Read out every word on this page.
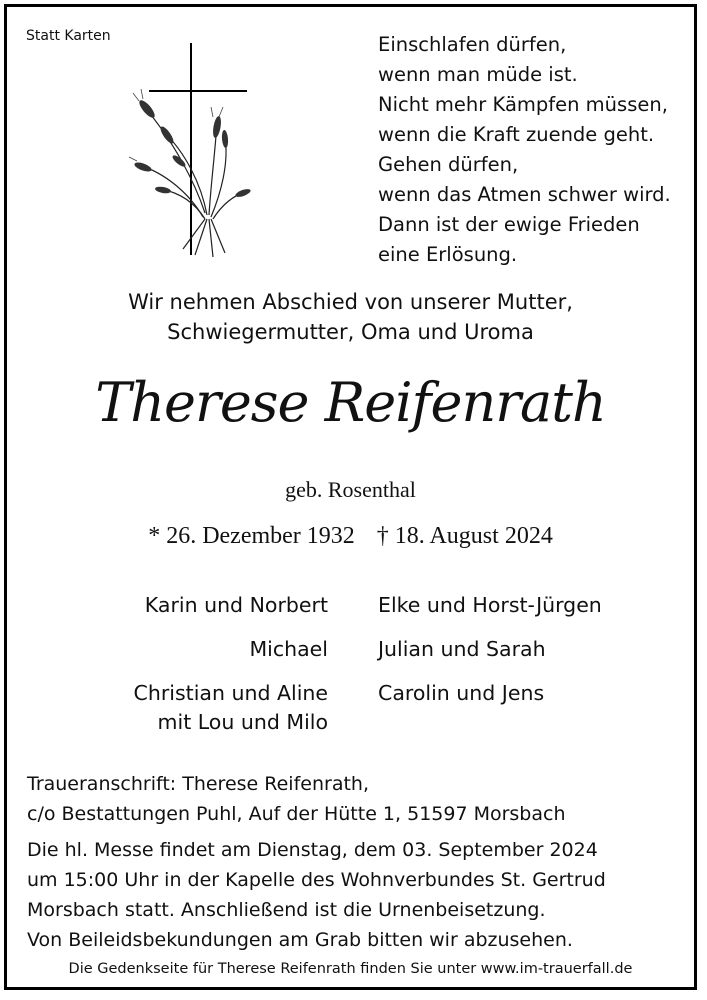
Statt Karten	Einschlafen dürfen,
wenn man müde ist.
Nicht mehr Kämpfen müssen,
wenn die Kraft zuende geht.
Gehen dürfen,
wenn das Atmen schwer wird.
Dann ist der ewige Frieden
eine Erlösung.
Wir nehmen Abschied von unserer Mutter,
Schwiegermutter, Oma und Uroma
Therese Reifenrath
geb. Rosenthal
* 26. Dezember 1932 † 18. August 2024
Karin und Norbert
Michael
Christian und Aline
mit Lou und Milo
Elke und Horst-Jürgen
Julian und Sarah
Carolin und Jens
Traueranschrift: Therese Reifenrath,
c/o Bestattungen Puhl, Auf der Hütte 1, 51597 Morsbach
Die hl. Messe findet am Dienstag, dem 03. September 2024
um 15:00 Uhr in der Kapelle des Wohnverbundes St. Gertrud
Morsbach statt. Anschließend ist die Urnenbeisetzung.
Von Beileidsbekundungen am Grab bitten wir abzusehen.
Die Gedenkseite für Therese Reifenrath finden Sie unter www.im-trauerfall.de
